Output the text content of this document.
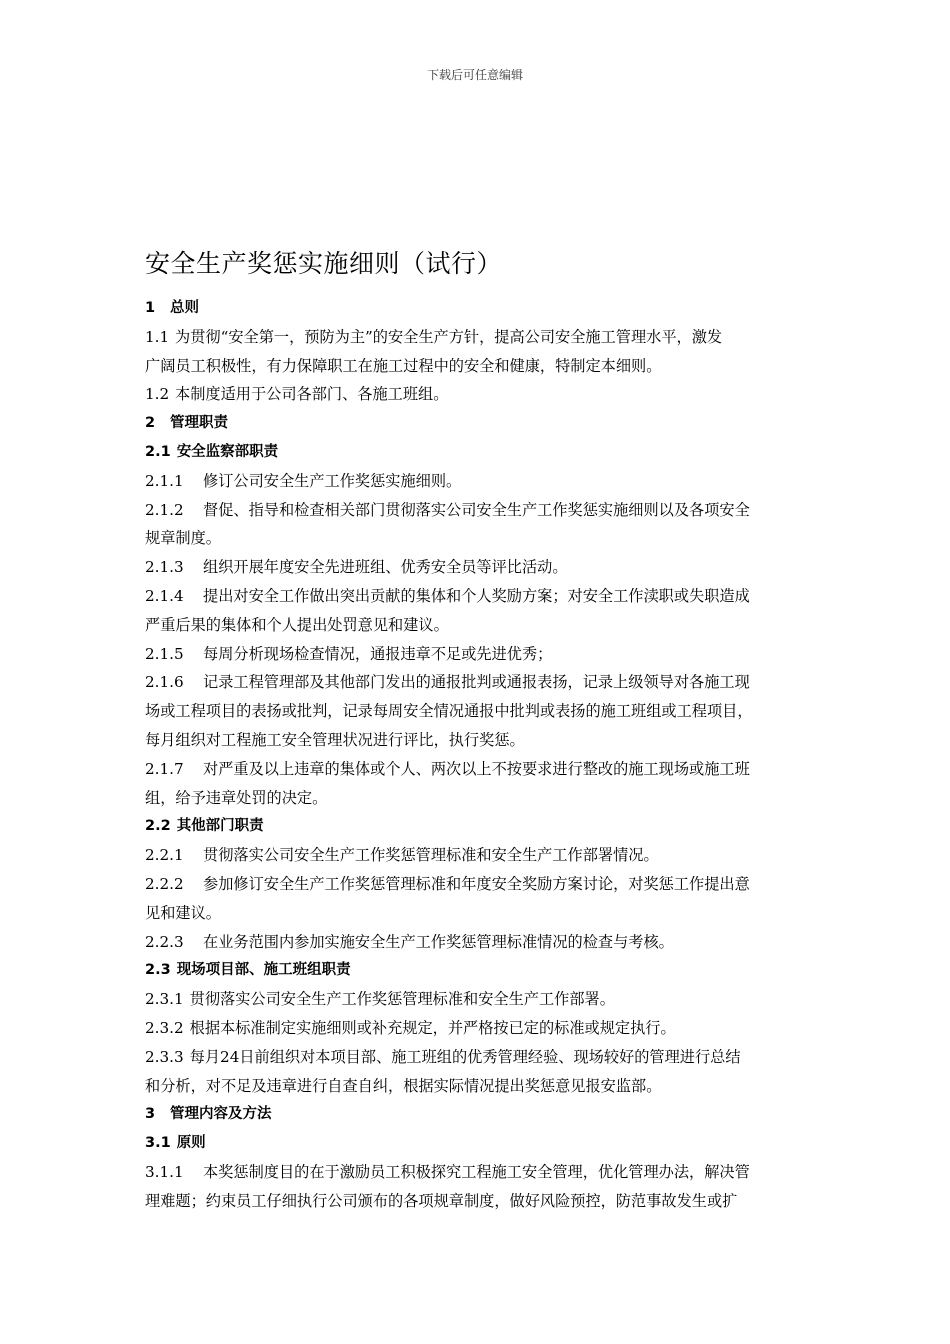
下载后可任意编辑
安全生产奖惩实施细则（试行）
1 总则
1.1 为贯彻“安全第一，预防为主”的安全生产方针，提高公司安全施工管理水平，激发
广阔员工积极性，有力保障职工在施工过程中的安全和健康，特制定本细则。
1.2 本制度适用于公司各部门、各施工班组。
2 管理职责
2.1 安全监察部职责
2.1.1 修订公司安全生产工作奖惩实施细则。
2.1.2 督促、指导和检查相关部门贯彻落实公司安全生产工作奖惩实施细则以及各项安全
规章制度。
2.1.3 组织开展年度安全先进班组、优秀安全员等评比活动。
2.1.4 提出对安全工作做出突出贡献的集体和个人奖励方案；对安全工作渎职或失职造成
严重后果的集体和个人提出处罚意见和建议。
2.1.5 每周分析现场检查情况，通报违章不足或先进优秀；
2.1.6 记录工程管理部及其他部门发出的通报批判或通报表扬，记录上级领导对各施工现
场或工程项目的表扬或批判，记录每周安全情况通报中批判或表扬的施工班组或工程项目，
每月组织对工程施工安全管理状况进行评比，执行奖惩。
2.1.7 对严重及以上违章的集体或个人、两次以上不按要求进行整改的施工现场或施工班
组，给予违章处罚的决定。
2.2 其他部门职责
2.2.1 贯彻落实公司安全生产工作奖惩管理标准和安全生产工作部署情况。
2.2.2 参加修订安全生产工作奖惩管理标准和年度安全奖励方案讨论，对奖惩工作提出意
见和建议。
2.2.3 在业务范围内参加实施安全生产工作奖惩管理标准情况的检查与考核。
2.3 现场项目部、施工班组职责
2.3.1 贯彻落实公司安全生产工作奖惩管理标准和安全生产工作部署。
2.3.2 根据本标准制定实施细则或补充规定，并严格按已定的标准或规定执行。
2.3.3 每月24日前组织对本项目部、施工班组的优秀管理经验、现场较好的管理进行总结
和分析，对不足及违章进行自查自纠，根据实际情况提出奖惩意见报安监部。
3 管理内容及方法
3.1 原则
3.1.1 本奖惩制度目的在于激励员工积极探究工程施工安全管理，优化管理办法，解决管
理难题；约束员工仔细执行公司颁布的各项规章制度，做好风险预控，防范事故发生或扩
